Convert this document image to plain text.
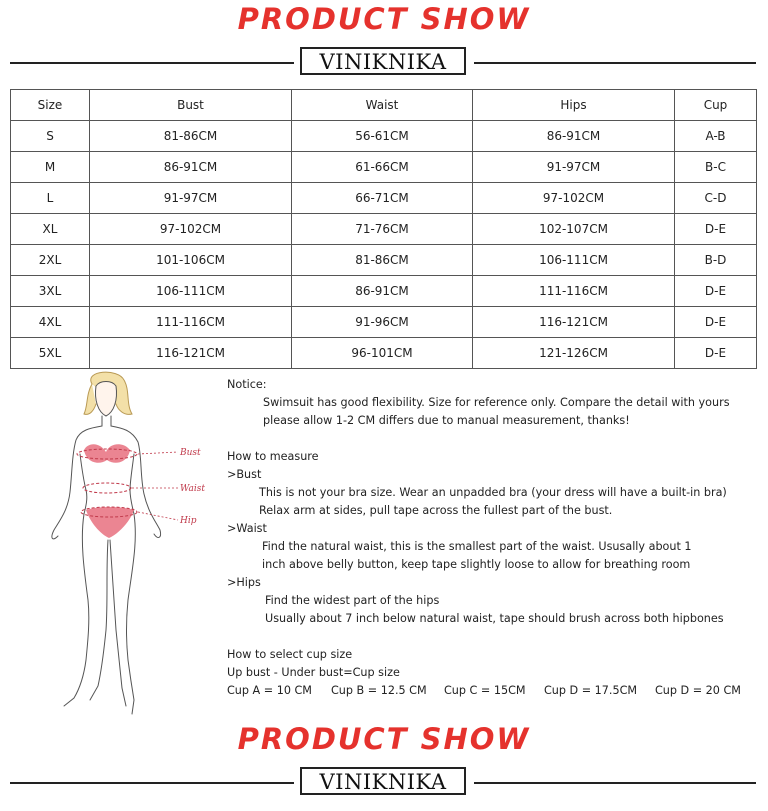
PRODUCT SHOW
VINIKNIKA
Size	Bust	Waist	Hips	Cup
S	81-86CM	56-61CM	86-91CM	A-B
M	86-91CM	61-66CM	91-97CM	B-C
L	91-97CM	66-71CM	97-102CM	C-D
XL	97-102CM	71-76CM	102-107CM	D-E
2XL	101-106CM	81-86CM	106-111CM	B-D
3XL	106-111CM	86-91CM	111-116CM	D-E
4XL	111-116CM	91-96CM	116-121CM	D-E
5XL	116-121CM	96-101CM	121-126CM	D-E
Bust
Waist
Hip
Notice:
Swimsuit has good flexibility. Size for reference only. Compare the detail with yours
please allow 1-2 CM differs due to manual measurement, thanks!
How to measure
>Bust
This is not your bra size. Wear an unpadded bra (your dress will have a built-in bra)
Relax arm at sides, pull tape across the fullest part of the bust.
>Waist
Find the natural waist, this is the smallest part of the waist. Ususally about 1
inch above belly button, keep tape slightly loose to allow for breathing room
>Hips
Find the widest part of the hips
Usually about 7 inch below natural waist, tape should brush across both hipbones
How to select cup size
Up bust - Under bust=Cup size
Cup A = 10 CM	Cup B = 12.5 CM	Cup C = 15CM	Cup D = 17.5CM	Cup D = 20 CM
PRODUCT SHOW
VINIKNIKA
